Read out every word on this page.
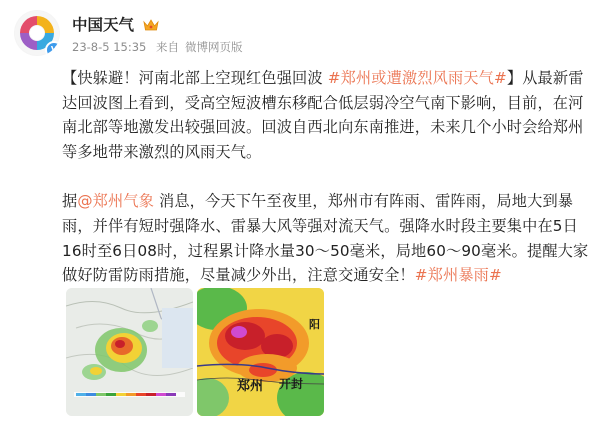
V
中国天气
23-8-5 15:35 来自 微博网页版

【快躲避！河南北部上空现红色强回波 #郑州或遭激烈风雨天气#】从最新雷达回波图上看到，受高空短波槽东移配合低层弱冷空气南下影响，目前，在河南北部等地激发出较强回波。回波自西北向东南推进，未来几个小时会给郑州等多地带来激烈的风雨天气。

据@郑州气象 消息，今天下午至夜里，郑州市有阵雨、雷阵雨，局地大到暴雨，并伴有短时强降水、雷暴大风等强对流天气。强降水时段主要集中在5日16时至6日08时，过程累计降水量30～50毫米，局地60～90毫米。提醒大家做好防雷防雨措施，尽量减少外出，注意交通安全！#郑州暴雨#

郑州 开封
阳
